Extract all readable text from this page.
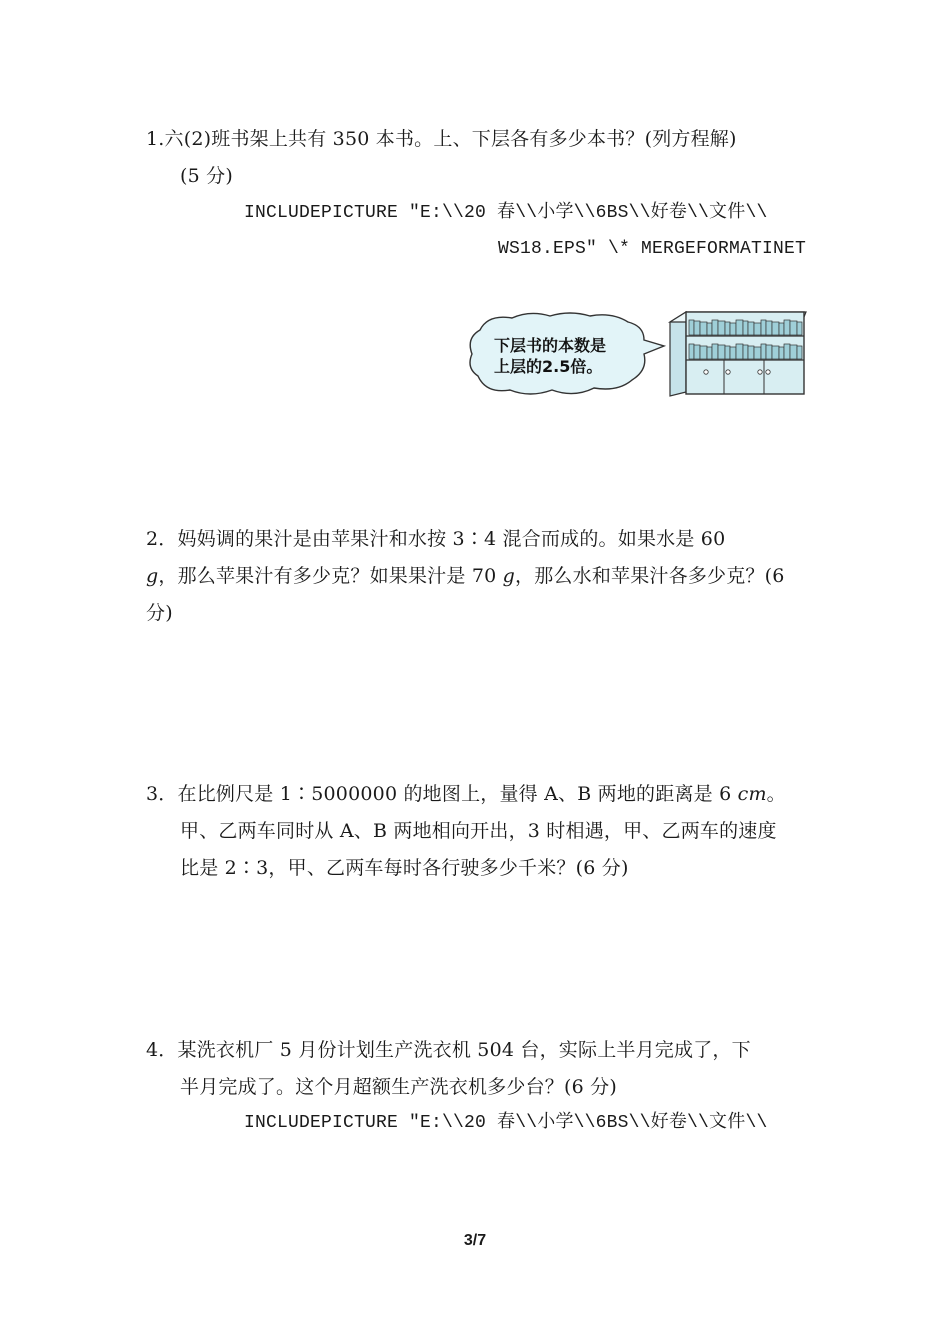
1.六(2)班书架上共有 350 本书。上、下层各有多少本书？(列方程解)
(5 分)
INCLUDEPICTURE "E:\\20 春\\小学\\6BS\\好卷\\文件\\
WS18.EPS" \* MERGEFORMATINET
下层书的本数是
上层的2.5倍。
2．妈妈调的果汁是由苹果汁和水按 3∶4 混合而成的。如果水是 60
g，那么苹果汁有多少克？如果果汁是 70 g，那么水和苹果汁各多少克？(6
分)
3．在比例尺是 1∶5000000 的地图上，量得 A、B 两地的距离是 6 cm。
甲、乙两车同时从 A、B 两地相向开出，3 时相遇，甲、乙两车的速度
比是 2∶3，甲、乙两车每时各行驶多少千米？(6 分)
4．某洗衣机厂 5 月份计划生产洗衣机 504 台，实际上半月完成了，下
半月完成了。这个月超额生产洗衣机多少台？(6 分)
INCLUDEPICTURE "E:\\20 春\\小学\\6BS\\好卷\\文件\\
3/7
